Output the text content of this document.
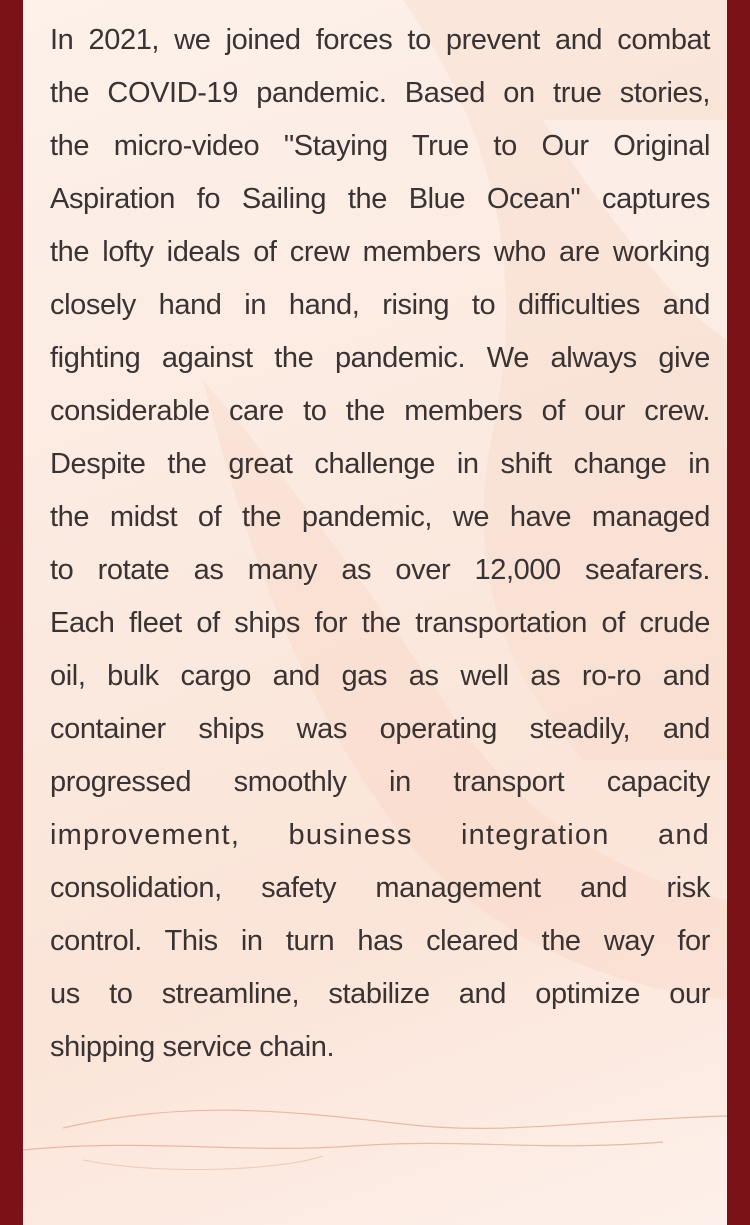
In 2021, we joined forces to prevent and combat
the COVID-19 pandemic. Based on true stories,
the micro-video "Staying True to Our Original
Aspiration fo Sailing the Blue Ocean" captures
the lofty ideals of crew members who are working
closely hand in hand, rising to difficulties and
fighting against the pandemic. We always give
considerable care to the members of our crew.
Despite the great challenge in shift change in
the midst of the pandemic, we have managed
to rotate as many as over 12,000 seafarers.
Each fleet of ships for the transportation of crude
oil, bulk cargo and gas as well as ro-ro and
container ships was operating steadily, and
progressed smoothly in transport capacity
improvement, business integration and
consolidation, safety management and risk
control. This in turn has cleared the way for
us to streamline, stabilize and optimize our
shipping service chain.
